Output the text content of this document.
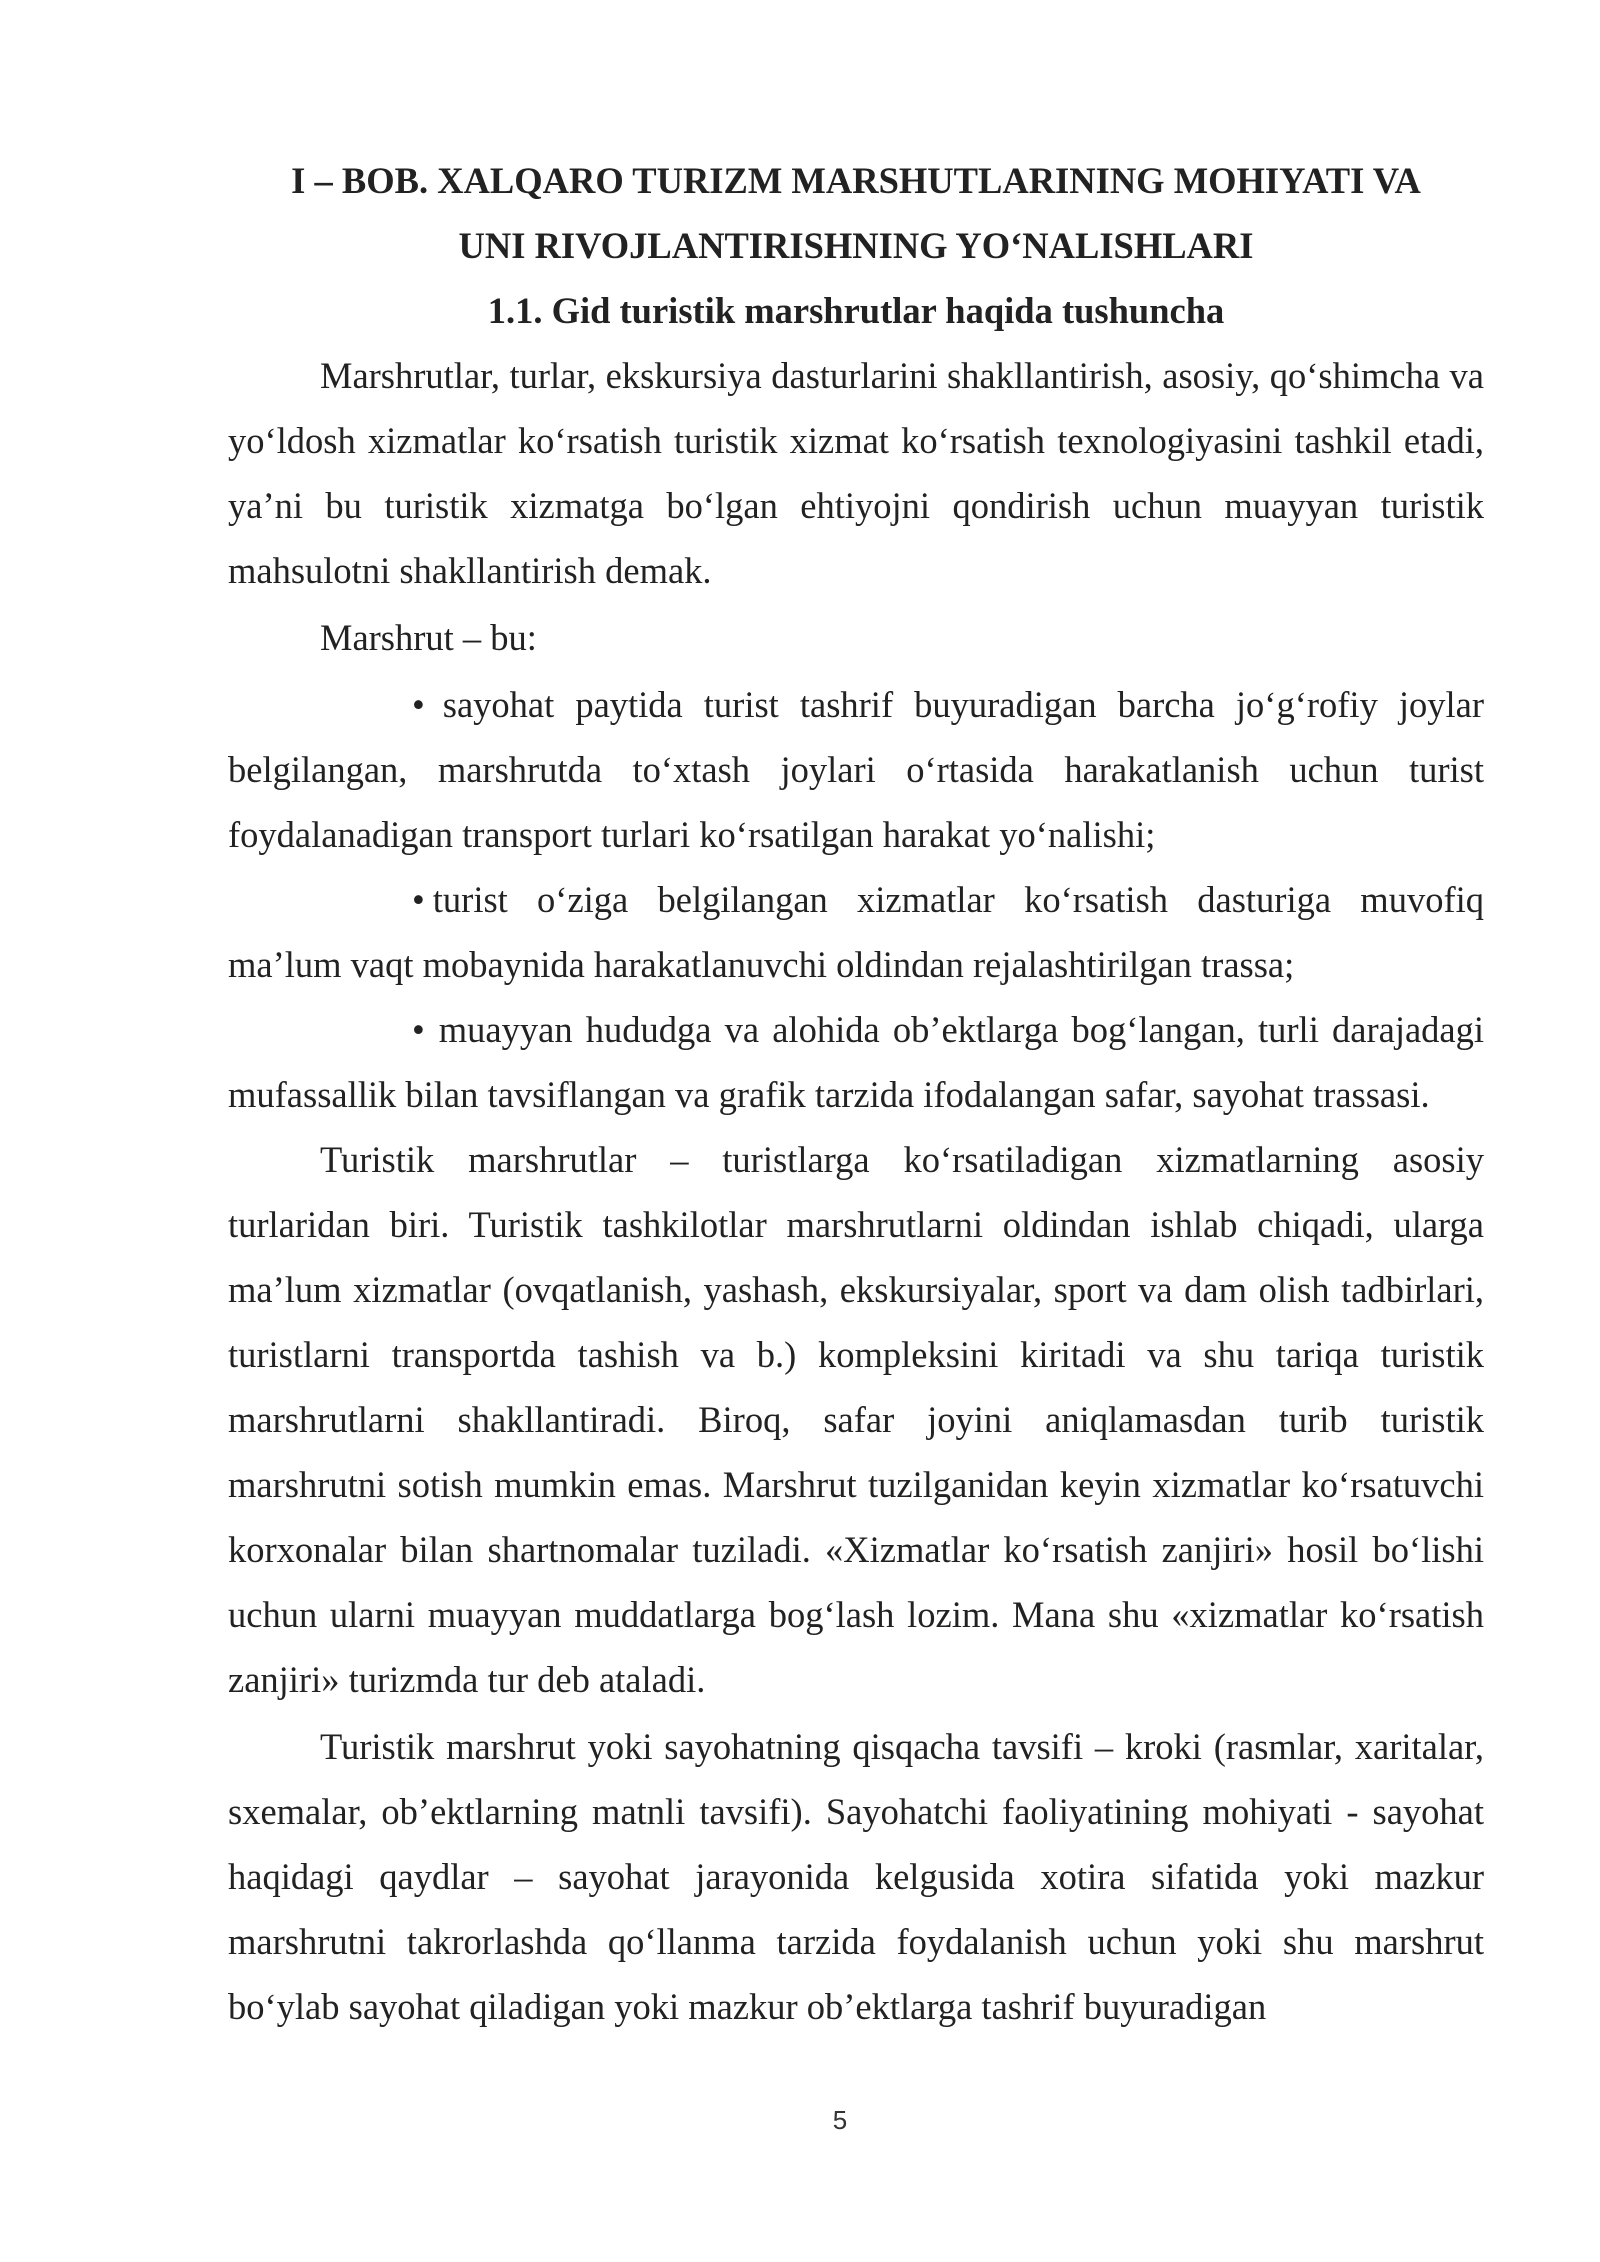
I – BOB. XALQARO TURIZM MARSHUTLARINING MOHIYATI VA
UNI RIVOJLANTIRISHNING YO‘NALISHLARI
1.1. Gid turistik marshrutlar haqida tushuncha

Marshrutlar, turlar, ekskursiya dasturlarini shakllantirish, asosiy, qo‘shimcha va yo‘ldosh xizmatlar ko‘rsatish turistik xizmat ko‘rsatish texnologiyasini tashkil etadi, ya’ni bu turistik xizmatga bo‘lgan ehtiyojni qondirish uchun muayyan turistik mahsulotni shakllantirish demak.

Marshrut – bu:

• sayohat paytida turist tashrif buyuradigan barcha jo‘g‘rofiy joylar belgilangan, marshrutda to‘xtash joylari o‘rtasida harakatlanish uchun turist foydalanadigan transport turlari ko‘rsatilgan harakat yo‘nalishi;

• turist o‘ziga belgilangan xizmatlar ko‘rsatish dasturiga muvofiq ma’lum vaqt mobaynida harakatlanuvchi oldindan rejalashtirilgan trassa;

• muayyan hududga va alohida ob’ektlarga bog‘langan, turli darajadagi mufassallik bilan tavsiflangan va grafik tarzida ifodalangan safar, sayohat trassasi.

Turistik marshrutlar – turistlarga ko‘rsatiladigan xizmatlarning asosiy turlaridan biri. Turistik tashkilotlar marshrutlarni oldindan ishlab chiqadi, ularga ma’lum xizmatlar (ovqatlanish, yashash, ekskursiyalar, sport va dam olish tadbirlari, turistlarni transportda tashish va b.) kompleksini kiritadi va shu tariqa turistik marshrutlarni shakllantiradi. Biroq, safar joyini aniqlamasdan turib turistik marshrutni sotish mumkin emas. Marshrut tuzilganidan keyin xizmatlar ko‘rsatuvchi korxonalar bilan shartnomalar tuziladi. «Xizmatlar ko‘rsatish zanjiri» hosil bo‘lishi uchun ularni muayyan muddatlarga bog‘lash lozim. Mana shu «xizmatlar ko‘rsatish zanjiri» turizmda tur deb ataladi.

Turistik marshrut yoki sayohatning qisqacha tavsifi – kroki (rasmlar, xaritalar, sxemalar, ob’ektlarning matnli tavsifi). Sayohatchi faoliyatining mohiyati - sayohat haqidagi qaydlar – sayohat jarayonida kelgusida xotira sifatida yoki mazkur marshrutni takrorlashda qo‘llanma tarzida foydalanish uchun yoki shu marshrut bo‘ylab sayohat qiladigan yoki mazkur ob’ektlarga tashrif buyuradigan

5
